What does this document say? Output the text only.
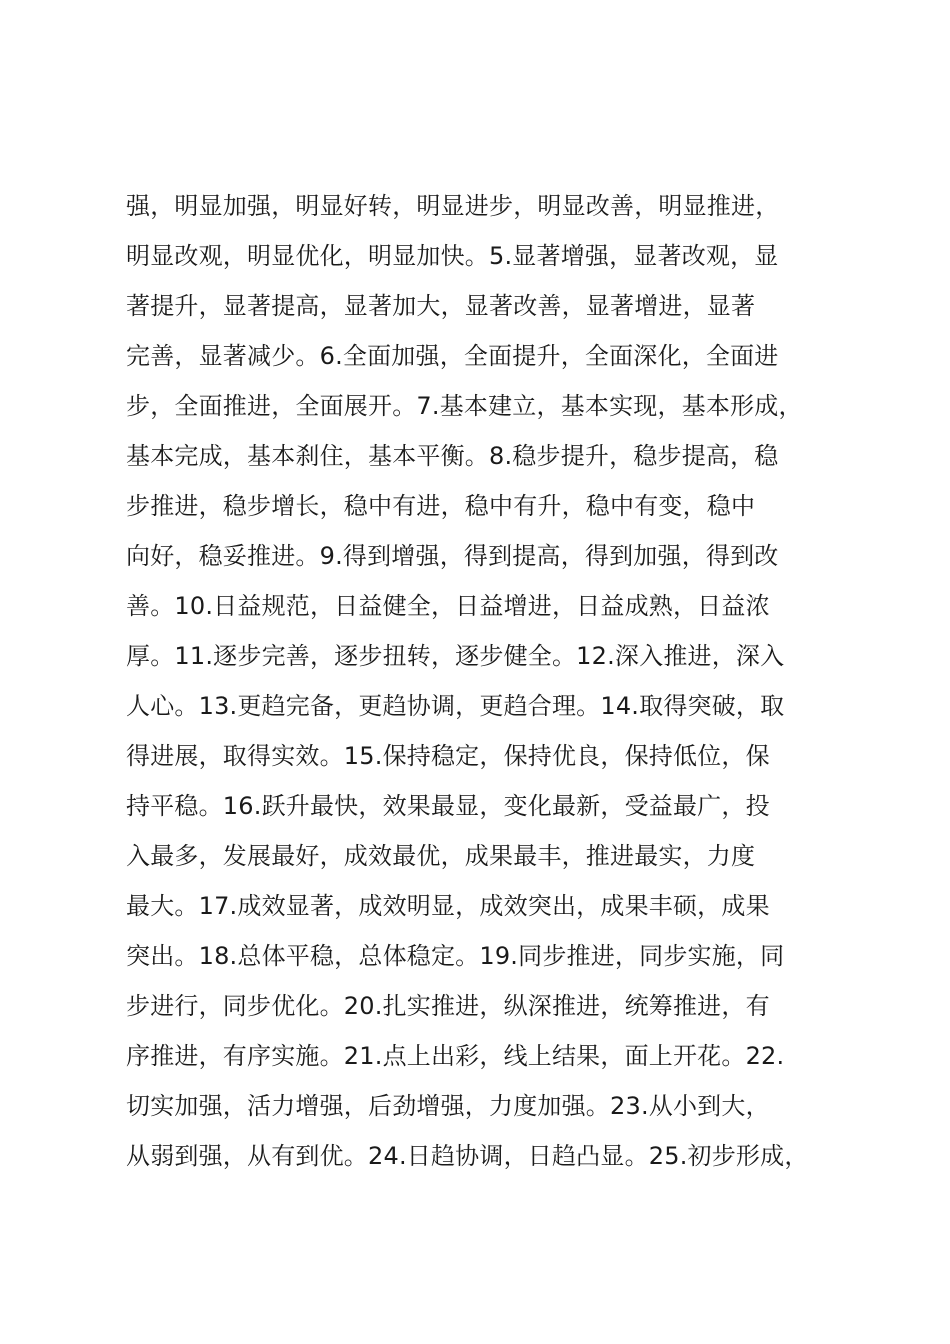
强，明显加强，明显好转，明显进步，明显改善，明显推进，
明显改观，明显优化，明显加快。5.显著增强，显著改观，显
著提升，显著提高，显著加大，显著改善，显著增进，显著
完善，显著减少。6.全面加强，全面提升，全面深化，全面进
步，全面推进，全面展开。7.基本建立，基本实现，基本形成，
基本完成，基本刹住，基本平衡。8.稳步提升，稳步提高，稳
步推进，稳步增长，稳中有进，稳中有升，稳中有变，稳中
向好，稳妥推进。9.得到增强，得到提高，得到加强，得到改
善。10.日益规范，日益健全，日益增进，日益成熟，日益浓
厚。11.逐步完善，逐步扭转，逐步健全。12.深入推进，深入
人心。13.更趋完备，更趋协调，更趋合理。14.取得突破，取
得进展，取得实效。15.保持稳定，保持优良，保持低位，保
持平稳。16.跃升最快，效果最显，变化最新，受益最广，投
入最多，发展最好，成效最优，成果最丰，推进最实，力度
最大。17.成效显著，成效明显，成效突出，成果丰硕，成果
突出。18.总体平稳，总体稳定。19.同步推进，同步实施，同
步进行，同步优化。20.扎实推进，纵深推进，统筹推进，有
序推进，有序实施。21.点上出彩，线上结果，面上开花。22.
切实加强，活力增强，后劲增强，力度加强。23.从小到大，
从弱到强，从有到优。24.日趋协调，日趋凸显。25.初步形成，
